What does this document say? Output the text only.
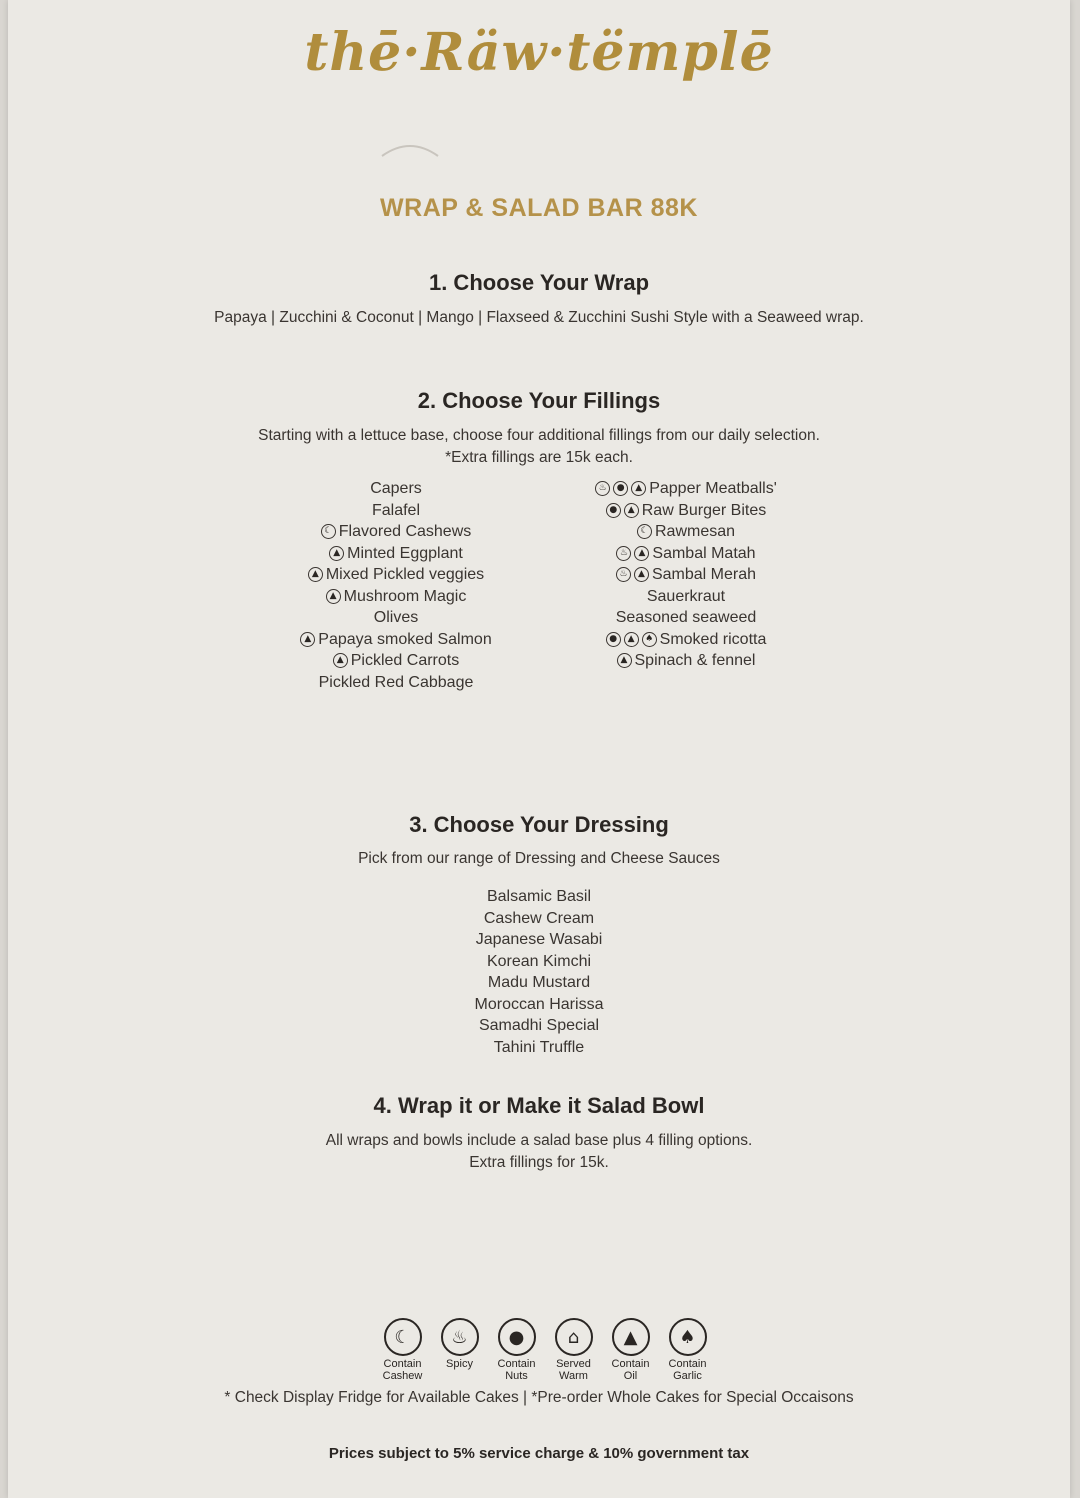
thē·Räw·tëmplē
WRAP & SALAD BAR 88K
1. Choose Your Wrap
Papaya | Zucchini & Coconut | Mango | Flaxseed & Zucchini Sushi Style with a Seaweed wrap.
2. Choose Your Fillings
Starting with a lettuce base, choose four additional fillings from our daily selection.
*Extra fillings are 15k each.
Capers
Falafel
☾ Flavored Cashews
▲ Minted Eggplant
▲ Mixed Pickled veggies
▲ Mushroom Magic
Olives
▲ Papaya smoked Salmon
▲ Pickled Carrots
Pickled Red Cabbage
♨	●	▲ Papper Meatballs'
●	▲ Raw Burger Bites
☾ Rawmesan
♨	▲ Sambal Matah
♨	▲ Sambal Merah
Sauerkraut
Seasoned seaweed
●	▲	♠ Smoked ricotta
▲ Spinach & fennel
3. Choose Your Dressing
Pick from our range of Dressing and Cheese Sauces
Balsamic Basil
Cashew Cream
Japanese Wasabi
Korean Kimchi
Madu Mustard
Moroccan Harissa
Samadhi Special
Tahini Truffle
4. Wrap it or Make it Salad Bowl
All wraps and bowls include a salad base plus 4 filling options.
Extra fillings for 15k.
☾
Contain
Cashew
♨
Spicy
●
Contain
Nuts
⌂
Served
Warm
▲
Contain
Oil
♠
Contain
Garlic
* Check Display Fridge for Available Cakes | *Pre-order Whole Cakes for Special Occaisons
Prices subject to 5% service charge & 10% government tax
